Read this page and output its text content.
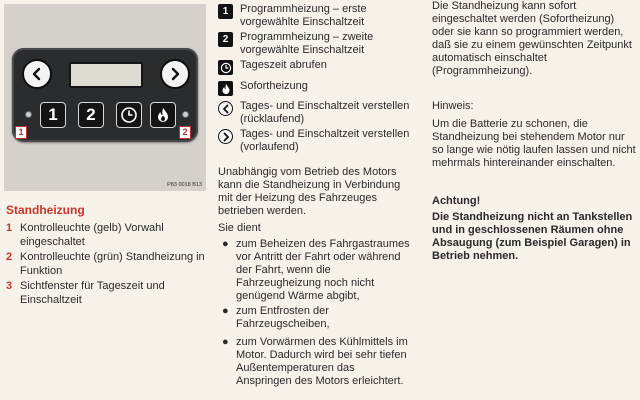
1	2
1	2
P83 0018 B13
Standheizung
1 Kontrolleuchte (gelb) Vorwahl eingeschaltet
2 Kontrolleuchte (grün) Standheizung in Funktion
3 Sichtfenster für Tageszeit und Einschaltzeit
1	Programmheizung – erste vorgewählte Einschaltzeit
2	Programmheizung – zweite vorgewählte Einschaltzeit
Tageszeit abrufen
Sofortheizung
Tages- und Einschaltzeit verstellen (rücklaufend)
Tages- und Einschaltzeit verstellen (vorlaufend)
Unabhängig vom Betrieb des Motors kann die Standheizung in Verbindung mit der Heizung des Fahrzeuges betrieben werden.
Sie dient
● zum Beheizen des Fahrgastraumes vor Antritt der Fahrt oder während der Fahrt, wenn die Fahrzeugheizung noch nicht genügend Wärme abgibt,
● zum Entfrosten der Fahrzeugscheiben,
● zum Vorwärmen des Kühlmittels im Motor. Dadurch wird bei sehr tiefen Außentemperaturen das Anspringen des Motors erleichtert.
Die Standheizung kann sofort eingeschaltet werden (Sofortheizung) oder sie kann so programmiert werden, daß sie zu einem gewünschten Zeitpunkt automatisch einschaltet (Programmheizung).
Hinweis:
Um die Batterie zu schonen, die Standheizung bei stehendem Motor nur so lange wie nötig laufen lassen und nicht mehrmals hintereinander einschalten.
Achtung!
Die Standheizung nicht an Tankstellen und in geschlossenen Räumen ohne Absaugung (zum Beispiel Garagen) in Betrieb nehmen.
